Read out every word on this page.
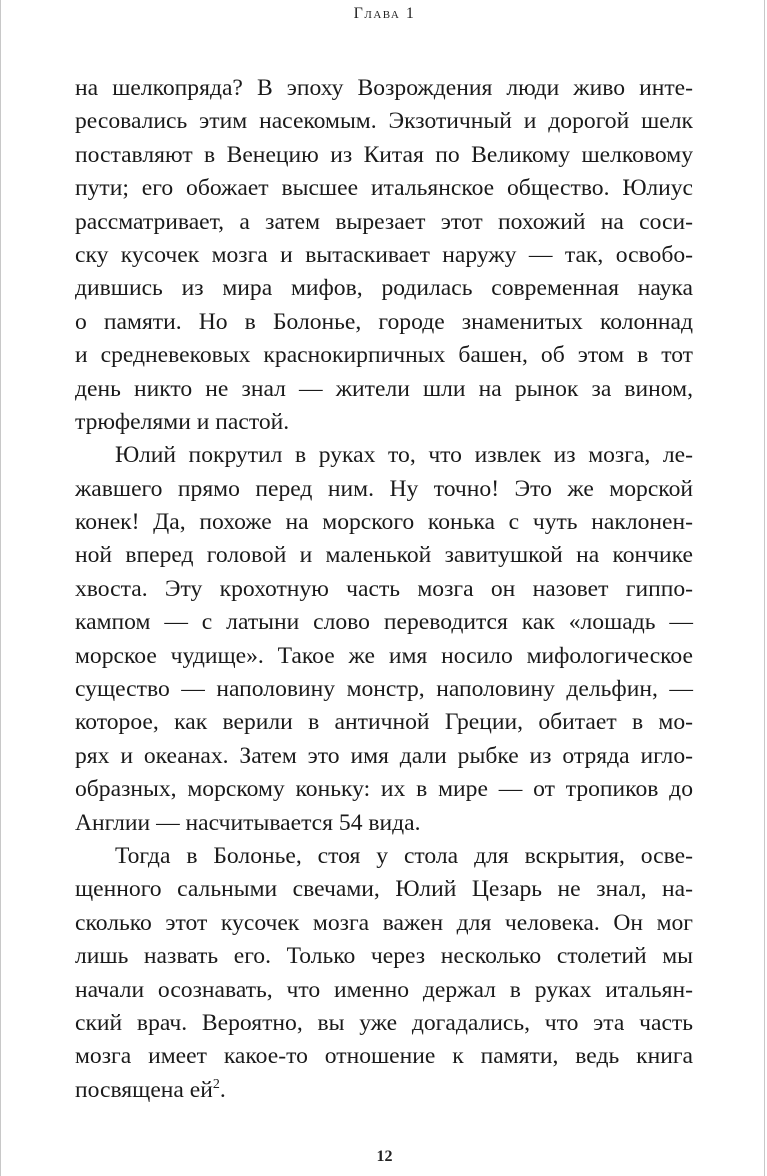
Глава 1
на шелкопряда? В эпоху Возрождения люди живо инте-
ресовались этим насекомым. Экзотичный и дорогой шелк
поставляют в Венецию из Китая по Великому шелковому
пути; его обожает высшее итальянское общество. Юлиус
рассматривает, а затем вырезает этот похожий на соси-
ску кусочек мозга и вытаскивает наружу — так, освобо-
дившись из мира мифов, родилась современная наука
о памяти. Но в Болонье, городе знаменитых колоннад
и средневековых краснокирпичных башен, об этом в тот
день никто не знал — жители шли на рынок за вином,
трюфелями и пастой.
Юлий покрутил в руках то, что извлек из мозга, ле-
жавшего прямо перед ним. Ну точно! Это же морской
конек! Да, похоже на морского конька с чуть наклонен-
ной вперед головой и маленькой завитушкой на кончике
хвоста. Эту крохотную часть мозга он назовет гиппо-
кампом — с латыни слово переводится как «лошадь —
морское чудище». Такое же имя носило мифологическое
существо — наполовину монстр, наполовину дельфин, —
которое, как верили в античной Греции, обитает в мо-
рях и океанах. Затем это имя дали рыбке из отряда игло-
образных, морскому коньку: их в мире — от тропиков до
Англии — насчитывается 54 вида.
Тогда в Болонье, стоя у стола для вскрытия, осве-
щенного сальными свечами, Юлий Цезарь не знал, на-
сколько этот кусочек мозга важен для человека. Он мог
лишь назвать его. Только через несколько столетий мы
начали осознавать, что именно держал в руках итальян-
ский врач. Вероятно, вы уже догадались, что эта часть
мозга имеет какое-то отношение к памяти, ведь книга
посвящена ей$^2$.
12
